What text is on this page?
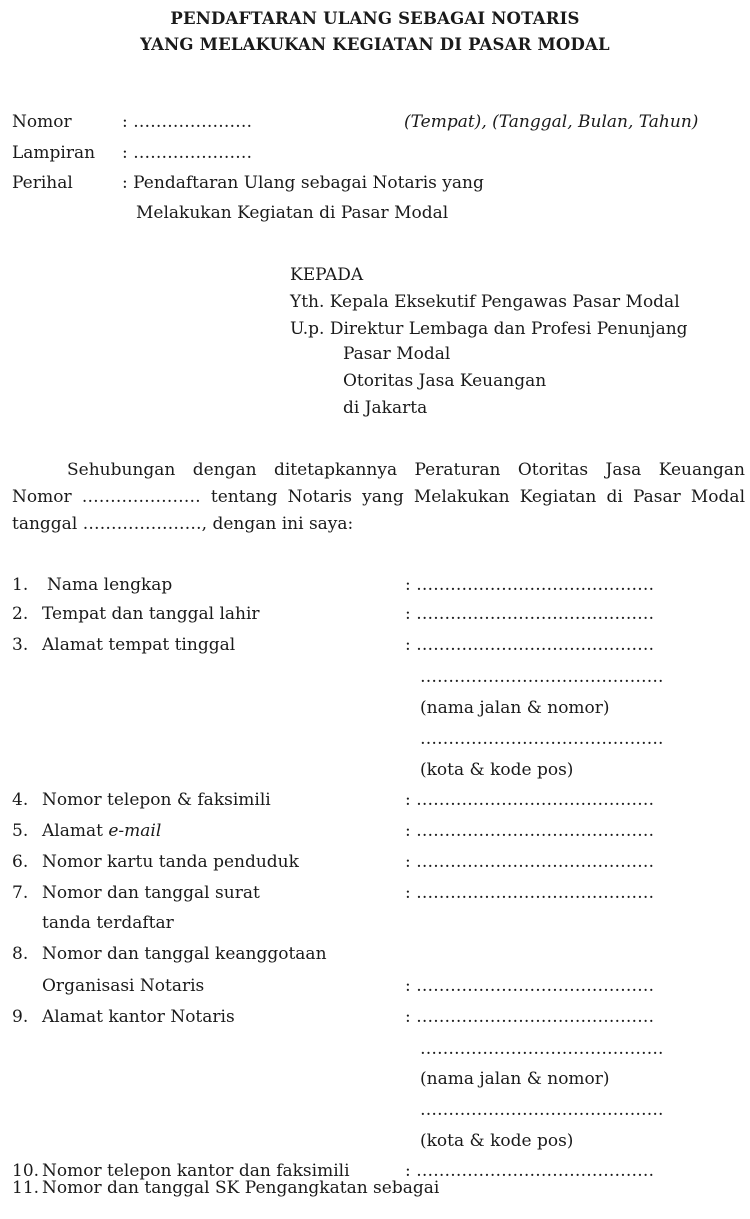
PENDAFTARAN ULANG SEBAGAI NOTARIS
YANG MELAKUKAN KEGIATAN DI PASAR MODAL
Nomor	: …………………	(Tempat), (Tanggal, Bulan, Tahun)
Lampiran : …………………
Perihal	: Pendaftaran Ulang sebagai Notaris yang
Melakukan Kegiatan di Pasar Modal
KEPADA
Yth. Kepala Eksekutif Pengawas Pasar Modal
U.p. Direktur Lembaga dan Profesi Penunjang
Pasar Modal
Otoritas Jasa Keuangan
di Jakarta
Sehubungan dengan ditetapkannya Peraturan Otoritas Jasa Keuangan
Nomor ………………… tentang Notaris yang Melakukan Kegiatan di Pasar Modal
tanggal …………………, dengan ini saya:
1. Nama lengkap	: ……………………………………
2. Tempat dan tanggal lahir	: ……………………………………
3. Alamat tempat tinggal	: ……………………………………
…………………………………….
(nama jalan & nomor)
…………………………………….
(kota & kode pos)
4. Nomor telepon & faksimili	: ……………………………………
5. Alamat e-mail	: ……………………………………
6. Nomor kartu tanda penduduk	: ……………………………………
7. Nomor dan tanggal surat
tanda terdaftar
: ……………………………………
8. Nomor dan tanggal keanggotaan
Organisasi Notaris	: ……………………………………
9. Alamat kantor Notaris	: ……………………………………
…………………………………….
(nama jalan & nomor)
…………………………………….
(kota & kode pos)
10. Nomor telepon kantor dan faksimili	: ……………………………………
11. Nomor dan tanggal SK Pengangkatan sebagai
